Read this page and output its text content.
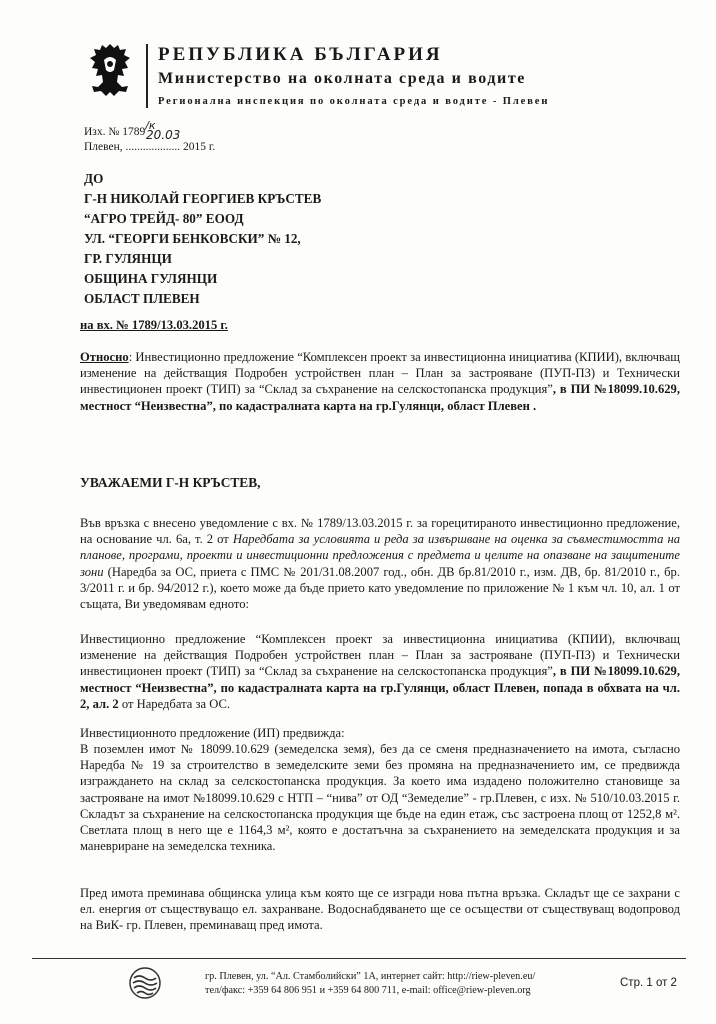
РЕПУБЛИКА БЪЛГАРИЯ
Министерство на околната среда и водите
Регионална инспекция по околната среда и водите - Плевен
Изх. № 1789/к
Плевен, ................... 2015 г.
20.03
ДО
Г-Н НИКОЛАЙ ГЕОРГИЕВ КРЪСТЕВ
“АГРО ТРЕЙД- 80” ЕООД
УЛ. “ГЕОРГИ БЕНКОВСКИ” № 12,
ГР. ГУЛЯНЦИ
ОБЩИНА ГУЛЯНЦИ
ОБЛАСТ ПЛЕВЕН
на вх. № 1789/13.03.2015 г.
Относно: Инвестиционно предложение “Комплексен проект за инвестиционна инициатива (КПИИ), включващ изменение на действащия Подробен устройствен план – План за застрояване (ПУП-ПЗ) и Технически инвестиционен проект (ТИП) за “Склад за съхранение на селскостопанска продукция”, в ПИ №18099.10.629, местност “Неизвестна”, по кадастралната карта на гр.Гулянци, област Плевен .
УВАЖАЕМИ Г-Н КРЪСТЕВ,
Във връзка с внесено уведомление с вх. № 1789/13.03.2015 г. за горецитираното инвестиционно предложение, на основание чл. 6а, т. 2 от Наредбата за условията и реда за извършване на оценка за съвместимостта на планове, програми, проекти и инвестиционни предложения с предмета и целите на опазване на защитените зони (Наредба за ОС, приета с ПМС № 201/31.08.2007 год., обн. ДВ бр.81/2010 г., изм. ДВ, бр. 81/2010 г., бр. 3/2011 г. и бр. 94/2012 г.), което може да бъде прието като уведомление по приложение № 1 към чл. 10, ал. 1 от същата, Ви уведомявам едното:
Инвестиционно предложение “Комплексен проект за инвестиционна инициатива (КПИИ), включващ изменение на действащия Подробен устройствен план – План за застрояване (ПУП-ПЗ) и Технически инвестиционен проект (ТИП) за “Склад за съхранение на селскостопанска продукция”, в ПИ №18099.10.629, местност “Неизвестна”, по кадастралната карта на гр.Гулянци, област Плевен, попада в обхвата на чл. 2, ал. 2 от Наредбата за ОС.
Инвестиционното предложение (ИП) предвижда:
В поземлен имот № 18099.10.629 (земеделска земя), без да се сменя предназначението на имота, съгласно Наредба № 19 за строителство в земеделските земи без промяна на предназначението им, се предвижда изграждането на склад за селскостопанска продукция. За което има издадено положително становище за застрояване на имот №18099.10.629 с НТП – “нива” от ОД “Земеделие” - гр.Плевен, с изх. № 510/10.03.2015 г. Складът за съхранение на селскостопанска продукция ще бъде на един етаж, със застроена площ от 1252,8 м². Светлата площ в него ще е 1164,3 м², която е достатъчна за съхранението на земеделската продукция и за маневриране на земеделска техника.
Пред имота преминава общинска улица към която ще се изгради нова пътна връзка. Складът ще се захрани с ел. енергия от съществуващо ел. захранване. Водоснабдяването ще се осъществи от съществуващ водопровод на ВиК- гр. Плевен, преминаващ пред имота.
гр. Плевен, ул. “Ал. Стамболийски” 1А, интернет сайт: http://riew-pleven.eu/
тел/факс: +359 64 806 951 и +359 64 800 711, e-mail: office@riew-pleven.org
Стр. 1 от 2
